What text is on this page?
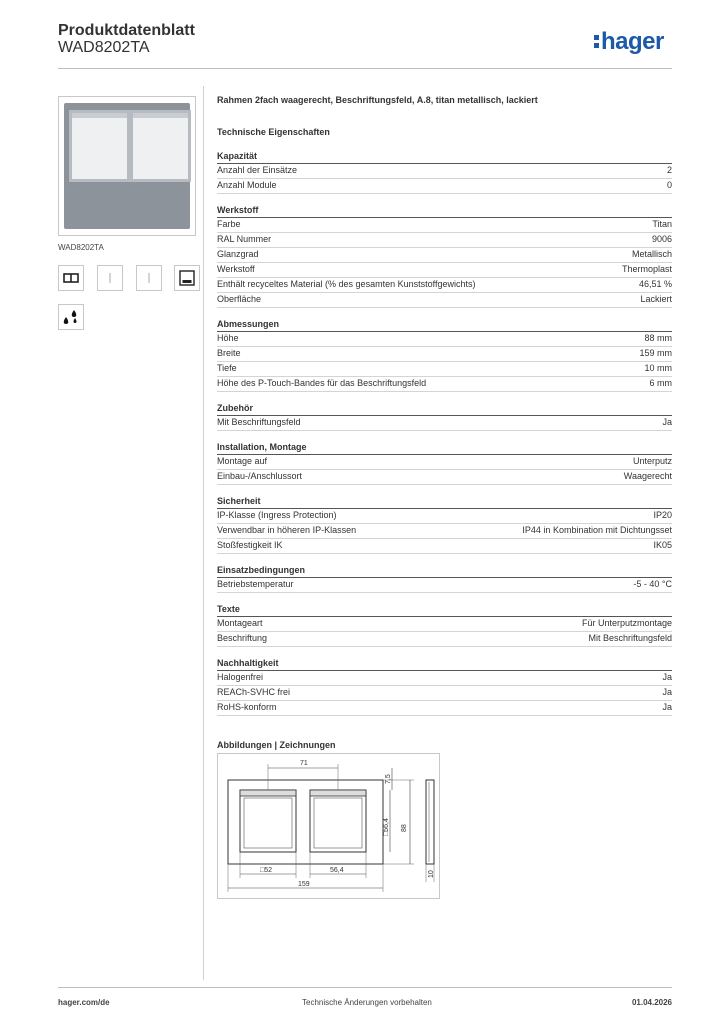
Produktdatenblatt
WAD8202TA	hager
WAD8202TA
Rahmen 2fach waagerecht, Beschriftungsfeld, A.8, titan metallisch, lackiert
Technische Eigenschaften
Kapazität
Anzahl der Einsätze	2
Anzahl Module	0
Werkstoff
Farbe	Titan
RAL Nummer	9006
Glanzgrad	Metallisch
Werkstoff	Thermoplast
Enthält recyceltes Material (% des gesamten Kunststoffgewichts)	46,51 %
Oberfläche	Lackiert
Abmessungen
Höhe	88 mm
Breite	159 mm
Tiefe	10 mm
Höhe des P-Touch-Bandes für das Beschriftungsfeld	6 mm
Zubehör
Mit Beschriftungsfeld	Ja
Installation, Montage
Montage auf	Unterputz
Einbau-/Anschlussort	Waagerecht
Sicherheit
IP-Klasse (Ingress Protection)	IP20
Verwendbar in höheren IP-Klassen	IP44 in Kombination mit Dichtungsset
Stoßfestigkeit IK	IK05
Einsatzbedingungen
Betriebstemperatur	-5 - 40 °C
Texte
Montageart	Für Unterputzmontage
Beschriftung	Mit Beschriftungsfeld
Nachhaltigkeit
Halogenfrei	Ja
REACh-SVHC frei	Ja
RoHS-konform	Ja
Abbildungen | Zeichnungen
71
88
□56,4
7,5
□52	56,4
159
10
hager.com/de	Technische Änderungen vorbehalten	01.04.2026
